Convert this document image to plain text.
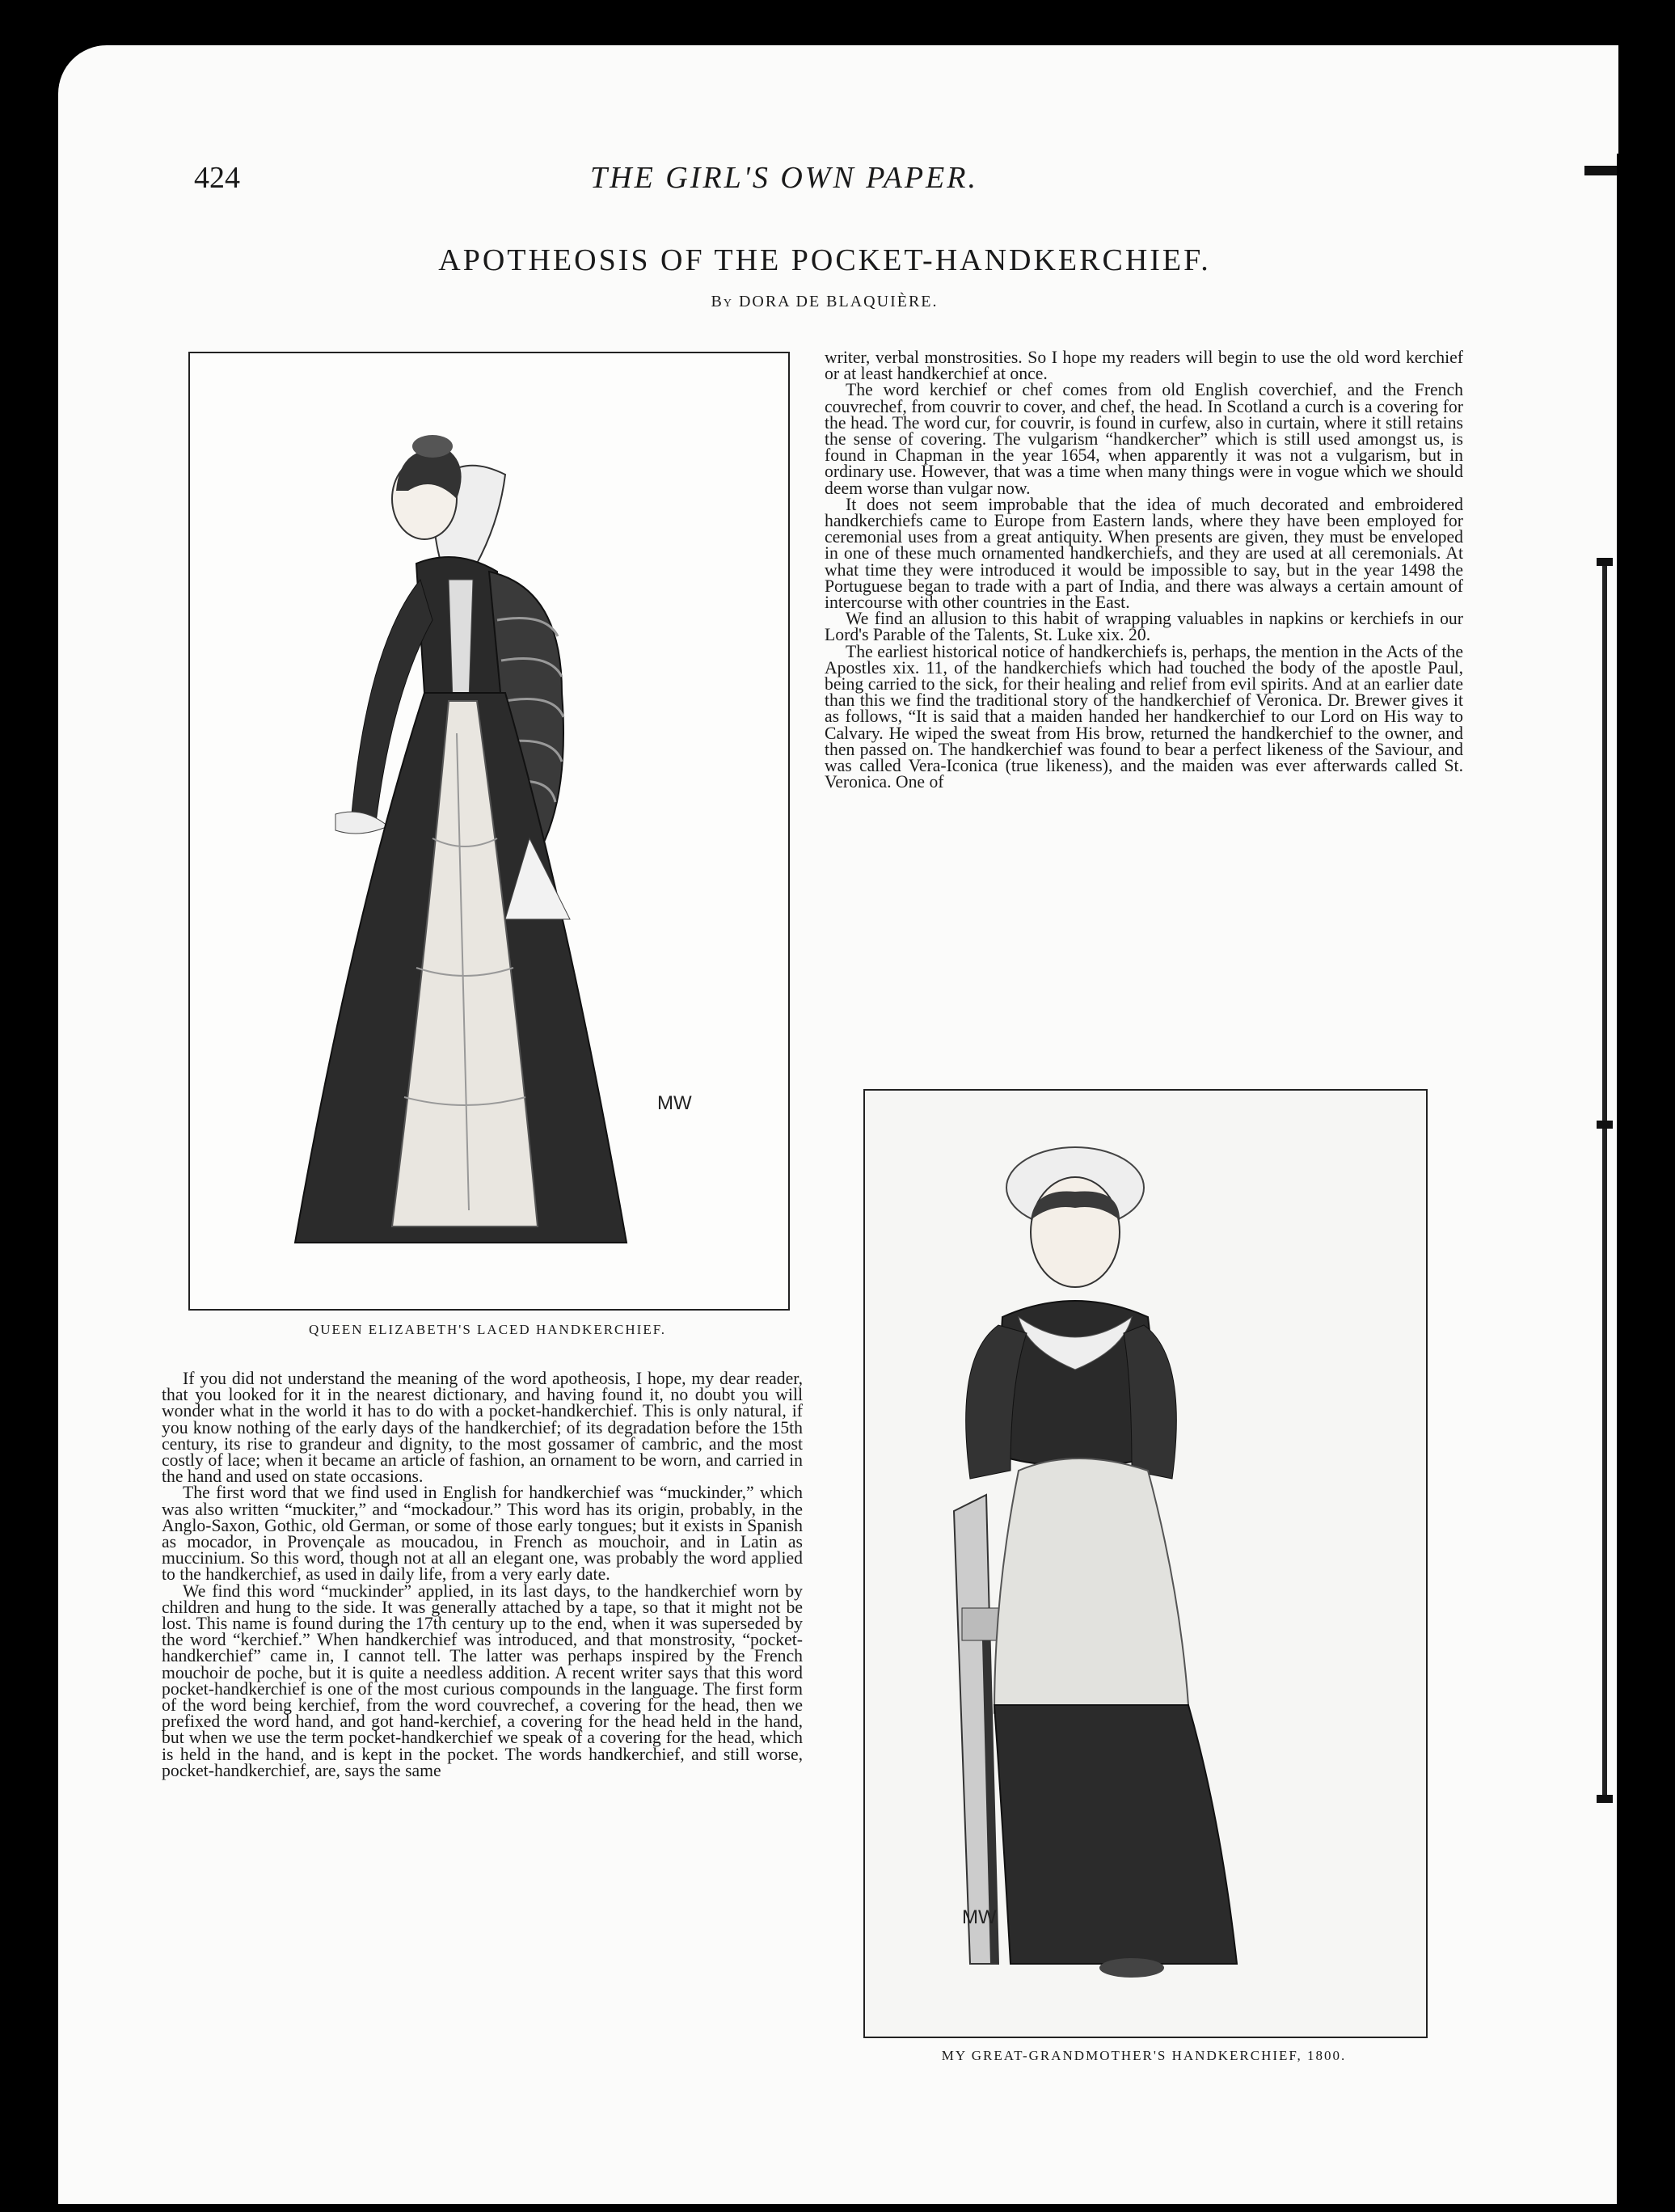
424	THE GIRL'S OWN PAPER.
APOTHEOSIS OF THE POCKET-HANDKERCHIEF.
By DORA DE BLAQUIÈRE.
MW
QUEEN ELIZABETH'S LACED HANDKERCHIEF.
MW
MY GREAT-GRANDMOTHER'S HANDKERCHIEF, 1800.

writer, verbal monstrosities. So I hope my readers will begin to use the old word kerchief or at least handkerchief at once.

The word kerchief or chef comes from old English coverchief, and the French couvrechef, from couvrir to cover, and chef, the head. In Scotland a curch is a covering for the head. The word cur, for couvrir, is found in curfew, also in curtain, where it still retains the sense of covering. The vulgarism “handkercher” which is still used amongst us, is found in Chapman in the year 1654, when apparently it was not a vulgarism, but in ordinary use. However, that was a time when many things were in vogue which we should deem worse than vulgar now.

It does not seem improbable that the idea of much decorated and embroidered handkerchiefs came to Europe from Eastern lands, where they have been employed for ceremonial uses from a great antiquity. When presents are given, they must be enveloped in one of these much ornamented handkerchiefs, and they are used at all ceremonials. At what time they were introduced it would be impossible to say, but in the year 1498 the Portuguese began to trade with a part of India, and there was always a certain amount of intercourse with other countries in the East.

We find an allusion to this habit of wrapping valuables in napkins or kerchiefs in our Lord's Parable of the Talents, St. Luke xix. 20.

The earliest historical notice of handkerchiefs is, perhaps, the mention in the Acts of the Apostles xix. 11, of the handkerchiefs which had touched the body of the apostle Paul, being carried to the sick, for their healing and relief from evil spirits. And at an earlier date than this we find the traditional story of the handkerchief of Veronica. Dr. Brewer gives it as follows, “It is said that a maiden handed her handkerchief to our Lord on His way to Calvary. He wiped the sweat from His brow, returned the handkerchief to the owner, and then passed on. The handkerchief was found to bear a perfect likeness of the Saviour, and was called Vera-Iconica (true likeness), and the maiden was ever afterwards called St. Veronica. One of

If you did not understand the meaning of the word apotheosis, I hope, my dear reader, that you looked for it in the nearest dictionary, and having found it, no doubt you will wonder what in the world it has to do with a pocket-handkerchief. This is only natural, if you know nothing of the early days of the handkerchief; of its degradation before the 15th century, its rise to grandeur and dignity, to the most gossamer of cambric, and the most costly of lace; when it became an article of fashion, an ornament to be worn, and carried in the hand and used on state occasions.

The first word that we find used in English for handkerchief was “muckinder,” which was also written “muckiter,” and “mockadour.” This word has its origin, probably, in the Anglo-Saxon, Gothic, old German, or some of those early tongues; but it exists in Spanish as mocador, in Provençale as moucadou, in French as mouchoir, and in Latin as muccinium. So this word, though not at all an elegant one, was probably the word applied to the handkerchief, as used in daily life, from a very early date.

We find this word “muckinder” applied, in its last days, to the handkerchief worn by children and hung to the side. It was generally attached by a tape, so that it might not be lost. This name is found during the 17th century up to the end, when it was superseded by the word “kerchief.” When handkerchief was introduced, and that monstrosity, “pocket-handkerchief” came in, I cannot tell. The latter was perhaps inspired by the French mouchoir de poche, but it is quite a needless addition. A recent writer says that this word pocket-handkerchief is one of the most curious compounds in the language. The first form of the word being kerchief, from the word couvrechef, a covering for the head, then we prefixed the word hand, and got hand-kerchief, a covering for the head held in the hand, but when we use the term pocket-handkerchief we speak of a covering for the head, which is held in the hand, and is kept in the pocket. The words handkerchief, and still worse, pocket-handkerchief, are, says the same
